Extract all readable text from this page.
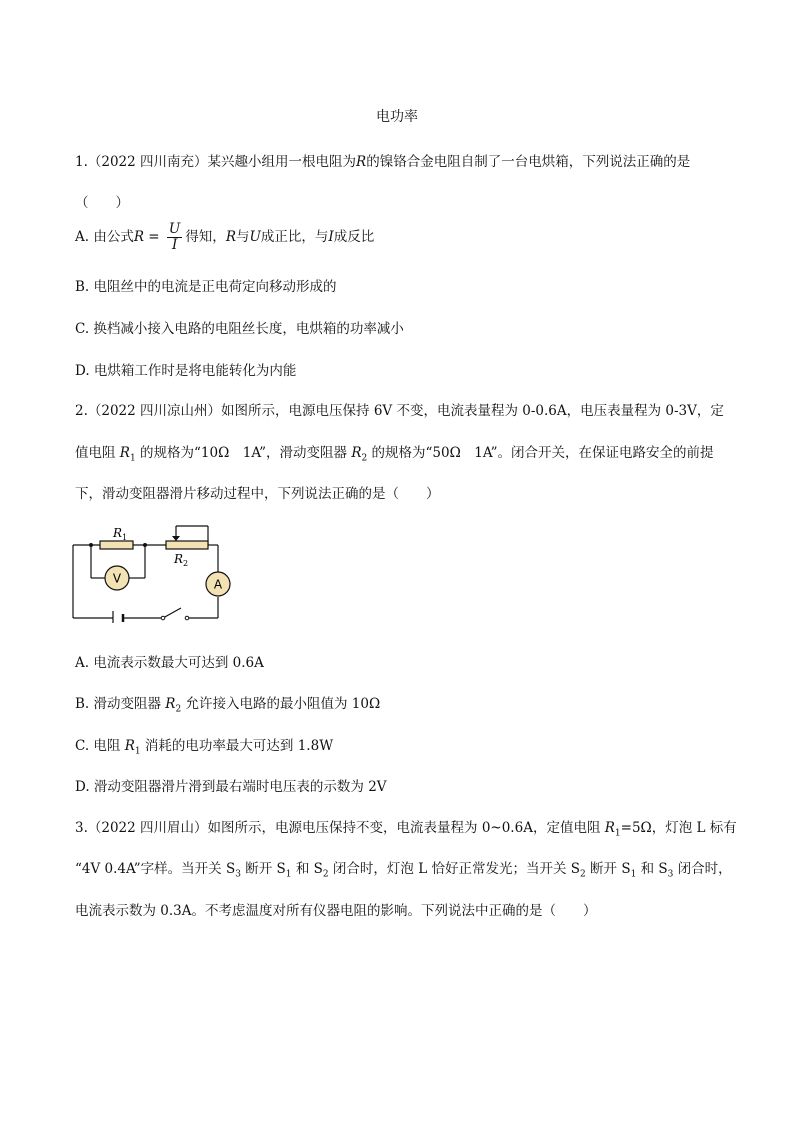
电功率
1.（2022 四川南充）某兴趣小组用一根电阻为R的镍铬合金电阻自制了一台电烘箱，下列说法正确的是
（　　）
A. 由公式$R = \frac{U}{I}$ 得知，R与U成正比，与I成反比
B. 电阻丝中的电流是正电荷定向移动形成的
C. 换档减小接入电路的电阻丝长度，电烘箱的功率减小
D. 电烘箱工作时是将电能转化为内能
2.（2022 四川凉山州）如图所示，电源电压保持 6V 不变，电流表量程为 0-0.6A，电压表量程为 0-3V，定
值电阻 $R_1$ 的规格为“10Ω　1A”，滑动变阻器 $R_2$ 的规格为“50Ω　1A”。闭合开关，在保证电路安全的前提
下，滑动变阻器滑片移动过程中，下列说法正确的是（　　）
V	A
$R_1$
$R_2$
A. 电流表示数最大可达到 0.6A
B. 滑动变阻器 $R_2$ 允许接入电路的最小阻值为 10Ω
C. 电阻 $R_1$ 消耗的电功率最大可达到 1.8W
D. 滑动变阻器滑片滑到最右端时电压表的示数为 2V
3.（2022 四川眉山）如图所示，电源电压保持不变，电流表量程为 0~0.6A，定值电阻 $R_1=5\Omega$，灯泡 L 标有
“4V 0.4A”字样。当开关 $S_3$ 断开 $S_1$ 和 $S_2$ 闭合时，灯泡 L 恰好正常发光；当开关 $S_2$ 断开 $S_1$ 和 $S_3$ 闭合时，
电流表示数为 0.3A。不考虑温度对所有仪器电阻的影响。下列说法中正确的是（　　）
